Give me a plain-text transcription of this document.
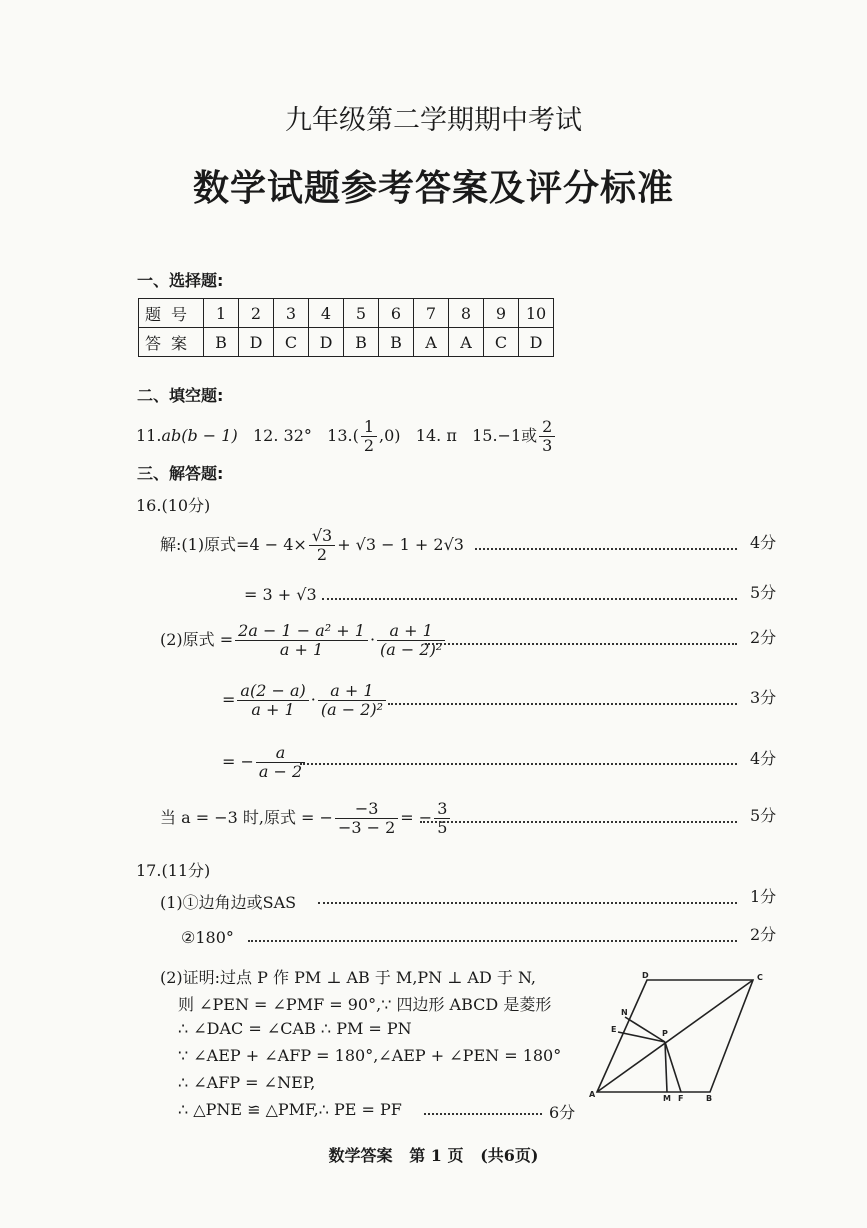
九年级第二学期期中考试
数学试题参考答案及评分标准
一、选择题:
题号	1	2	3	4	5	6	7	8	9	10
答案	B	D	C	D	B	B	A	A	C	D
二、填空题:
11.ab(b − 1) 12. 32° $13.( \frac{1}{2} ,0)$ 14. π 15.−1或 $\frac{2}{3}$
三、解答题:
16.(10分)
解:(1)原式$=4 - 4\times \frac{√3}{2} + √3 - 1 + 2√3$	4分
= 3 + √3	5分
(2)原式 = $\frac{\text{2a − 1 − a² + 1}}{a + 1} \cdot \frac{a + 1}{\text{(a − 2)²}}$	2分
= $\frac{a(2 - a)}{a + 1} \cdot \frac{a + 1}{\text{(a − 2)²}}$	3分
= − $\frac{a}{a - 2}$	4分
当 a = −3 时,原式 = − $\frac{-3}{-3 - 2}$ = − $\frac{3}{5}$	5分
17.(11分)
(1)①边角边或SAS	1分
②180°	2分
(2)证明:过点 P 作 PM ⊥ AB 于 M,PN ⊥ AD 于 N,
则 ∠PEN = ∠PMF = 90°,∵ 四边形 ABCD 是菱形
∴ ∠DAC = ∠CAB ∴ PM = PN
∵ ∠AEP + ∠AFP = 180°,∠AEP + ∠PEN = 180°
∴ ∠AFP = ∠NEP,
∴ △PNE ≌ △PMF,∴ PE = PF	6分
A	B
C
D
N
E	P
M F
数学答案   第 1 页   (共6页)
